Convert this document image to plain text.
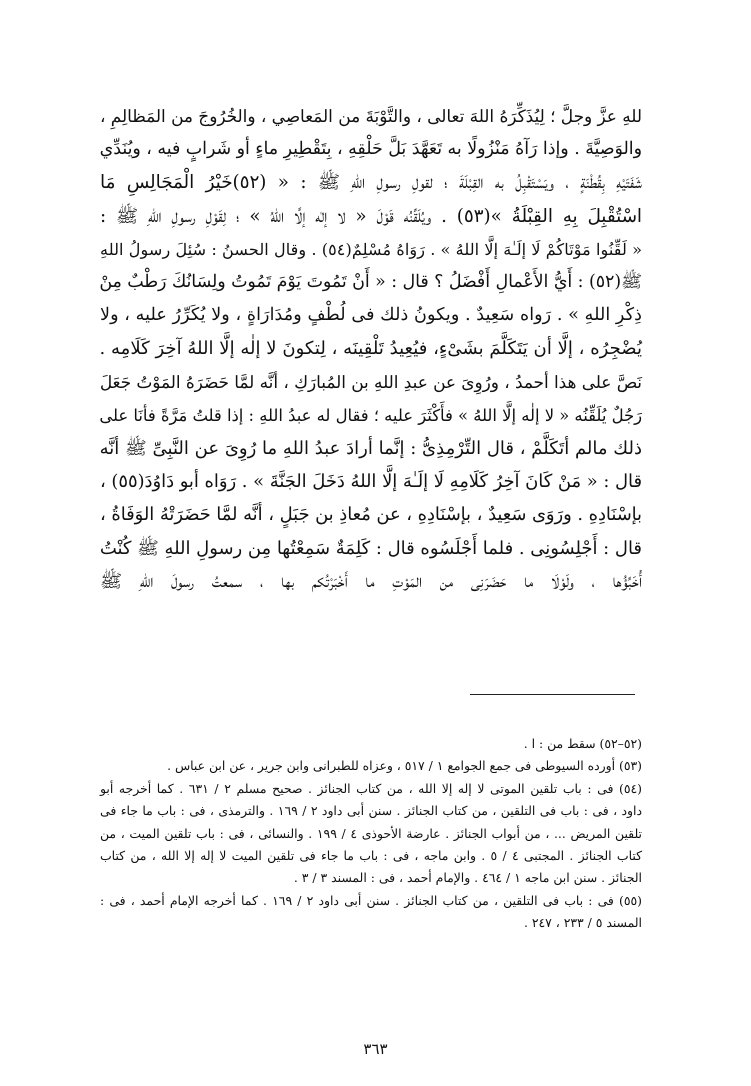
للهِ عزَّ وجلَّ ؛ لِيُذَكِّرَهُ اللهَ تعالى ، والتَّوْبَةَ من المَعاصِي ، والخُرُوجَ من المَظالِمِ ،
والوَصِيَّةَ . وإذا رَآهُ مَنْزُولًا به تَعَهَّدَ بَلَّ حَلْقِهِ ، بِتَقْطِيرِ ماءٍ أو شَرابٍ فيه ، ويُنَدِّي
شَفَتَيْهِ بِقُطْنَةٍ ، ويَسْتَقْبِلُ به القِبْلَةَ ؛ لقولِ رسولِ اللهِ ﷺ : « (٥٢)خَيْرُ الْمَجَالِسِ مَا
اسْتُقْبِلَ بِهِ القِبْلَةُ »(٥٣) . ويُلَقِّنُه قَوْلَ « لا إلٰه إلَّا اللهُ » ؛ لِقَوْلِ رسولِ اللهِ ﷺ :
« لَقِّنُوا مَوْتَاكُمْ لَا إلَـٰهَ إلَّا اللهُ » . رَوَاهُ مُسْلِمٌ(٥٤) . وقال الحسنُ : سُئِلَ رسولُ اللهِ
ﷺ(٥٢) : أَيُّ الأَعْمالِ أَفْضَلُ ؟ قال : « أَنْ تَمُوتَ يَوْمَ تَمُوتُ ولِسَانُكَ رَطْبٌ مِنْ
ذِكْرِ اللهِ » . رَواه سَعِيدٌ . ويكونُ ذلك فى لُطْفٍ ومُدَارَاةٍ ، ولا يُكَرِّرُ عليه ، ولا
يُضْجِرُه ، إلَّا أن يَتَكَلَّمَ بشَىْءٍ، فيُعِيدُ تَلْقِينَه ، لِتكونَ لا إلٰه إلَّا اللهُ آخِرَ كَلَامِه .
نَصَّ على هذا أحمدُ ، ورُوِىَ عن عبدِ اللهِ بن المُبارَكِ ، أنَّه لمَّا حَضَرَهُ المَوْتُ جَعَلَ
رَجُلٌ يُلَقِّنُه « لا إلٰه إلَّا اللهُ » فأَكْثَرَ عليه ؛ فقال له عبدُ اللهِ : إذا قلتُ مَرَّةً فأنَا على
ذلك مالم أتَكَلَّمْ ، قال التِّرْمِذِىُّ : إنَّما أرادَ عبدُ اللهِ ما رُوِىَ عن النَّبِىِّ ﷺ أنَّه
قال : « مَنْ كَانَ آخِرُ كَلَامِهِ لَا إلَـٰهَ إلَّا اللهُ دَخَلَ الجَنَّةَ » . رَوَاه أبو دَاوُدَ(٥٥) ،
بإسْنَادِهِ . ورَوَى سَعِيدٌ ، بإسْنَادِهِ ، عن مُعاذِ بن جَبَلٍ ، أنَّه لمَّا حَضَرَتْهُ الوَفَاةُ ،
قال : أَجْلِسُونِى . فلما أَجْلَسُوه قال : كَلِمَةٌ سَمِعْتُها مِن رسولِ اللهِ ﷺ كُنْتُ
أُخَبِّؤُها ، ولَوْلَا ما حَضَرَنِى من المَوْتِ ما أَخْبَرْتُكم بها ، سمعتُ رسولَ اللهِ ﷺ
(٥٢–٥٢) سقط من : ا .
(٥٣) أورده السيوطى فى جمع الجوامع ١ / ٥١٧ ، وعزاه للطبرانى وابن جرير ، عن ابن عباس .
(٥٤) فى : باب تلقين الموتى لا إله إلا الله ، من كتاب الجنائز . صحيح مسلم ٢ / ٦٣١ . كما أخرجه أبو
داود ، فى : باب فى التلقين ، من كتاب الجنائز . سنن أبى داود ٢ / ١٦٩ . والترمذى ، فى : باب ما جاء فى
تلقين المريض ... ، من أبواب الجنائز . عارضة الأحوذى ٤ / ١٩٩ . والنسائى ، فى : باب تلقين الميت ، من
كتاب الجنائز . المجتبى ٤ / ٥ . وابن ماجه ، فى : باب ما جاء فى تلقين الميت لا إله إلا الله ، من كتاب
الجنائز . سنن ابن ماجه ١ / ٤٦٤ . والإمام أحمد ، فى : المسند ٣ / ٣ .
(٥٥) فى : باب فى التلقين ، من كتاب الجنائز . سنن أبى داود ٢ / ١٦٩ . كما أخرجه الإمام أحمد ، فى :
المسند ٥ / ٢٣٣ ، ٢٤٧ .
٣٦٣
